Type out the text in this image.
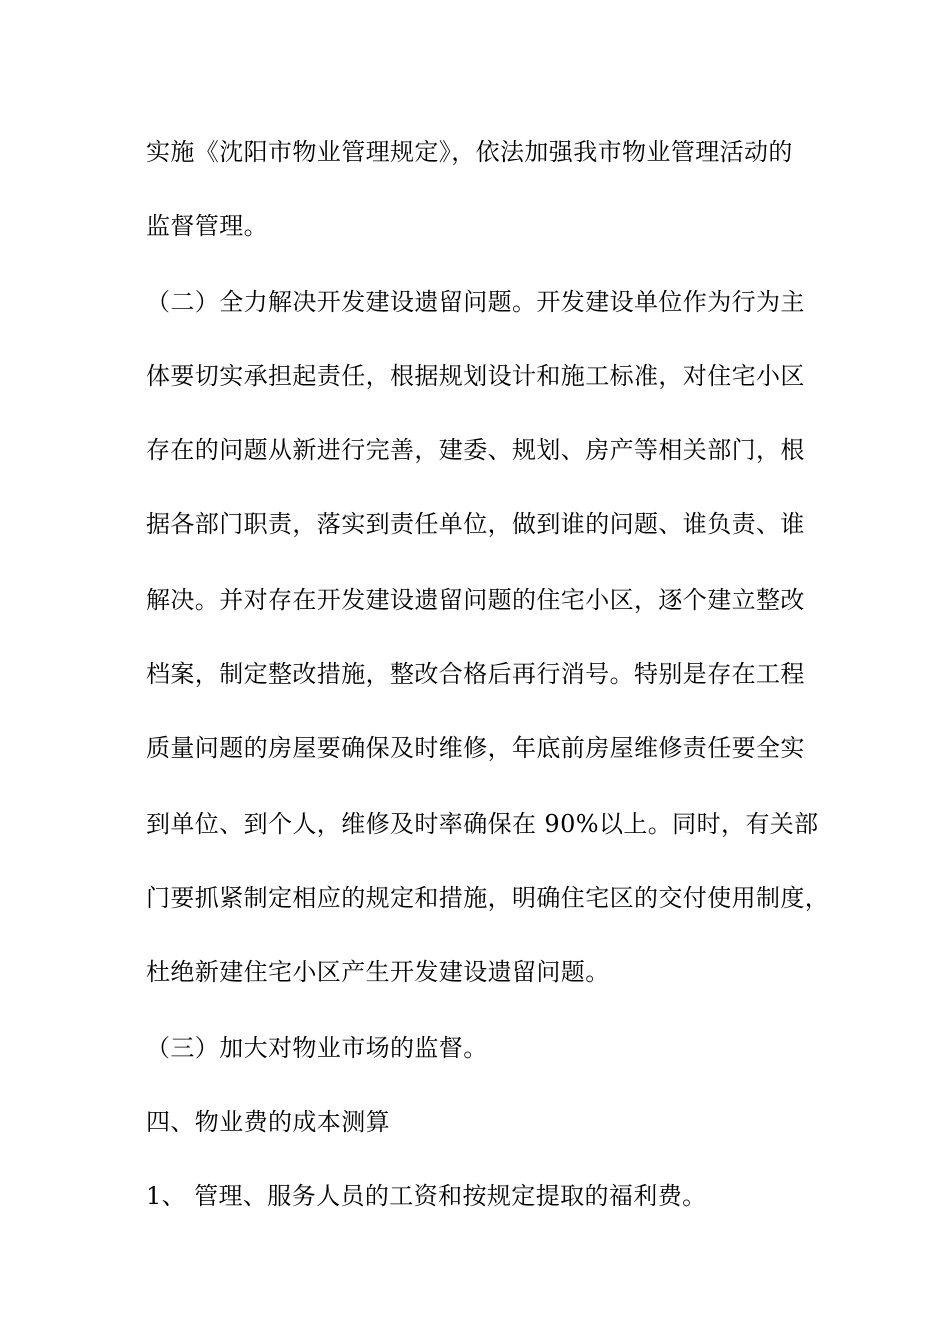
实施《沈阳市物业管理规定》，依法加强我市物业管理活动的
监督管理。
（二）全力解决开发建设遗留问题。开发建设单位作为行为主
体要切实承担起责任，根据规划设计和施工标准，对住宅小区
存在的问题从新进行完善，建委、规划、房产等相关部门，根
据各部门职责，落实到责任单位，做到谁的问题、谁负责、谁
解决。并对存在开发建设遗留问题的住宅小区，逐个建立整改
档案，制定整改措施，整改合格后再行消号。特别是存在工程
质量问题的房屋要确保及时维修，年底前房屋维修责任要全实
到单位、到个人，维修及时率确保在 90%以上。同时，有关部
门要抓紧制定相应的规定和措施，明确住宅区的交付使用制度，
杜绝新建住宅小区产生开发建设遗留问题。
（三）加大对物业市场的监督。
四、物业费的成本测算
1、 管理、服务人员的工资和按规定提取的福利费。
